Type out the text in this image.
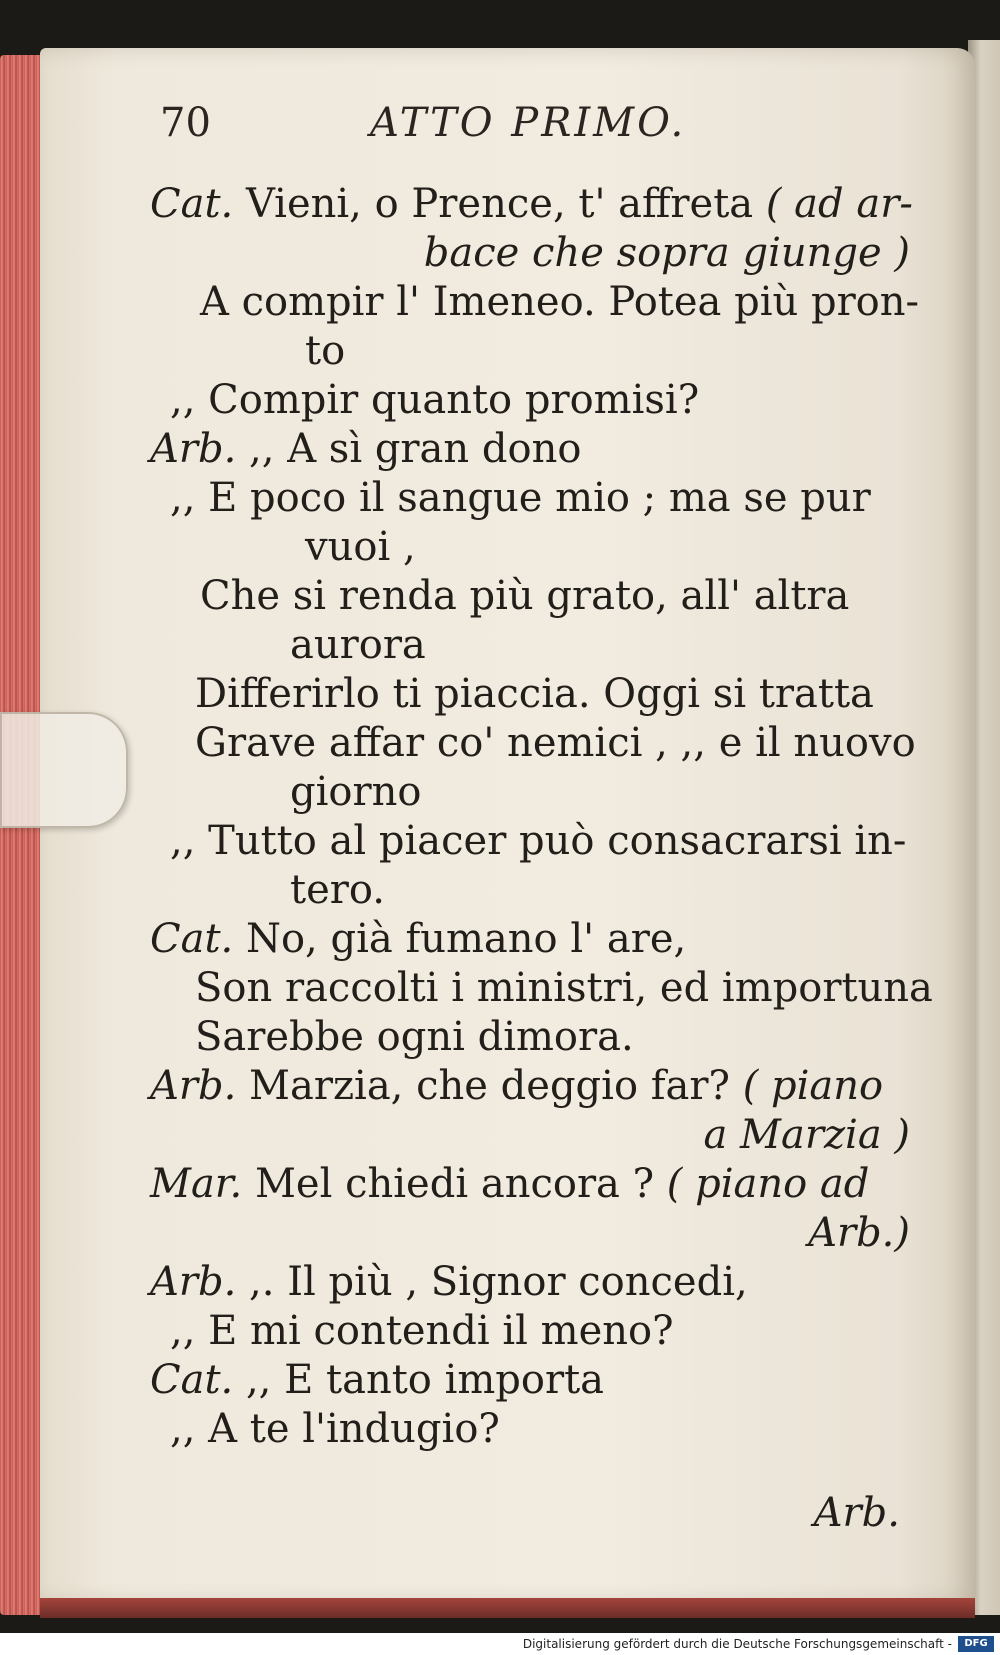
70	ATTO PRIMO.
Cat. Vieni, o Prence, t' affreta ( ad ar-
bace che sopra giunge )
A compir l' Imeneo. Potea più pron-
to
,, Compir quanto promisi?
Arb. ,, A sì gran dono
,, E poco il sangue mio ; ma se pur
vuoi ,
Che si renda più grato, all' altra
aurora
Differirlo ti piaccia. Oggi si tratta
Grave affar co' nemici , ,, e il nuovo
giorno
,, Tutto al piacer può consacrarsi in-
tero.
Cat. No, già fumano l' are,
Son raccolti i ministri, ed importuna
Sarebbe ogni dimora.
Arb. Marzia, che deggio far? ( piano
a Marzia )
Mar. Mel chiedi ancora ? ( piano ad
Arb.)
Arb. ,. Il più , Signor concedi,
,, E mi contendi il meno?
Cat. ,, E tanto importa
,, A te l'indugio?
Arb.
Digitalisierung gefördert durch die Deutsche Forschungsgemeinschaft -	DFG
